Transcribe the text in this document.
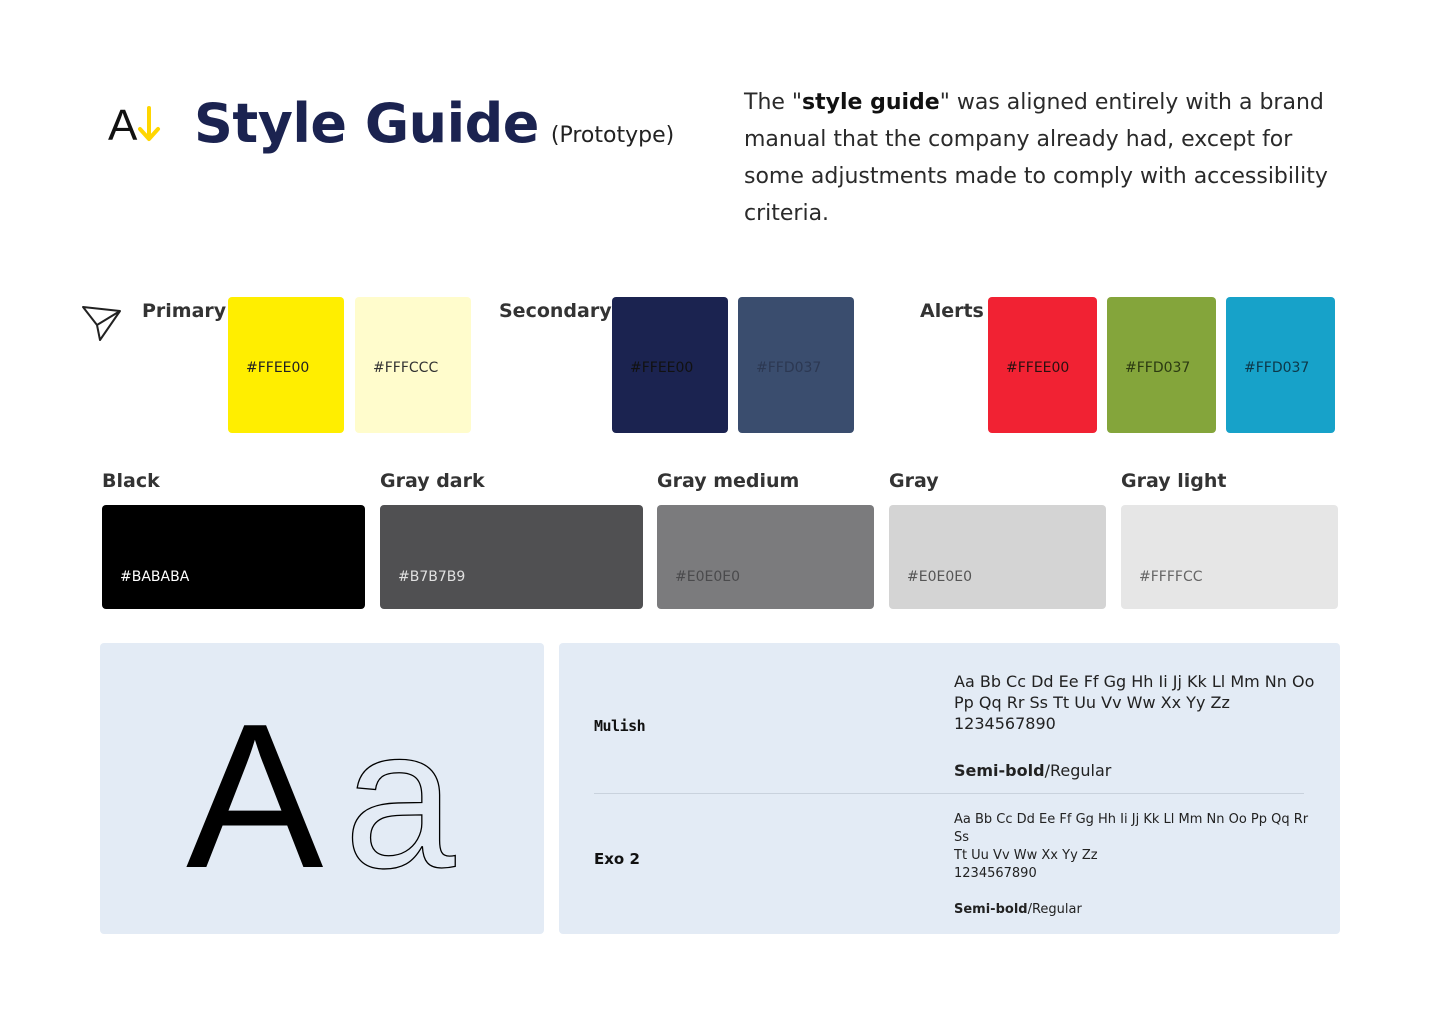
A Style Guide (Prototype)

The "style guide" was aligned entirely with a brand manual that the company already had, except for some adjustments made to comply with accessibility criteria.

Primary
#FFEE00	#FFFCCC
Secondary
#FFEE00	#FFD037
Alerts
#FFEE00	#FFD037	#FFD037
Black
#BABABA
Gray dark
#B7B7B9
Gray medium
#E0E0E0
Gray
#E0E0E0
Gray light
#FFFFCC
A a	Mulish
Aa Bb Cc Dd Ee Ff Gg Hh Ii Jj Kk Ll Mm Nn Oo
Pp Qq Rr Ss Tt Uu Vv Ww Xx Yy Zz
1234567890
Semi-bold/Regular
Exo 2
Aa Bb Cc Dd Ee Ff Gg Hh Ii Jj Kk Ll Mm Nn Oo Pp Qq Rr Ss
Tt Uu Vv Ww Xx Yy Zz
1234567890
Semi-bold/Regular
